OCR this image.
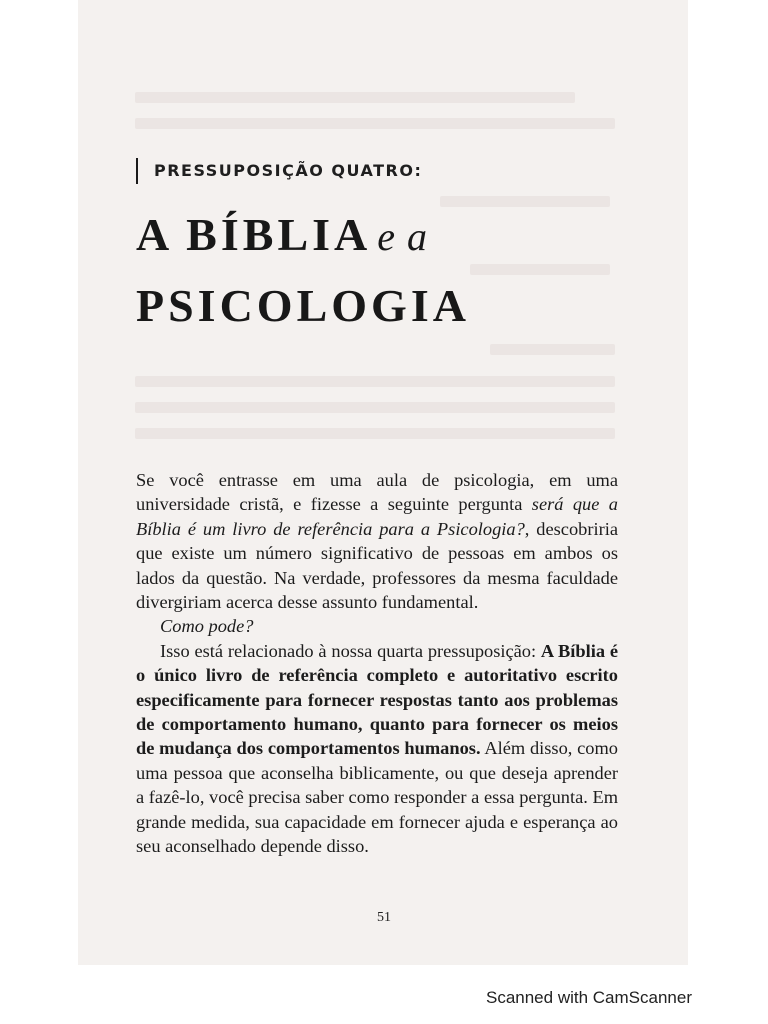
PRESSUPOSIÇÃO QUATRO:
A BÍBLIA e a
PSICOLOGIA

Se você entrasse em uma aula de psicologia, em uma universidade cristã, e fizesse a seguinte pergunta será que a Bíblia é um livro de referência para a Psicologia?, descobriria que existe um número significativo de pessoas em ambos os lados da questão. Na verdade, professores da mesma faculdade divergiriam acerca desse assunto fundamental.

Como pode?

Isso está relacionado à nossa quarta pressuposição: A Bíblia é o único livro de referência completo e autoritativo escrito especificamente para fornecer respostas tanto aos problemas de comportamento humano, quanto para fornecer os meios de mudança dos comportamentos humanos. Além disso, como uma pessoa que aconselha biblicamente, ou que deseja aprender a fazê-lo, você precisa saber como responder a essa pergunta. Em grande medida, sua capacidade em fornecer ajuda e esperança ao seu aconselhado depende disso.

51
Scanned with CamScanner
